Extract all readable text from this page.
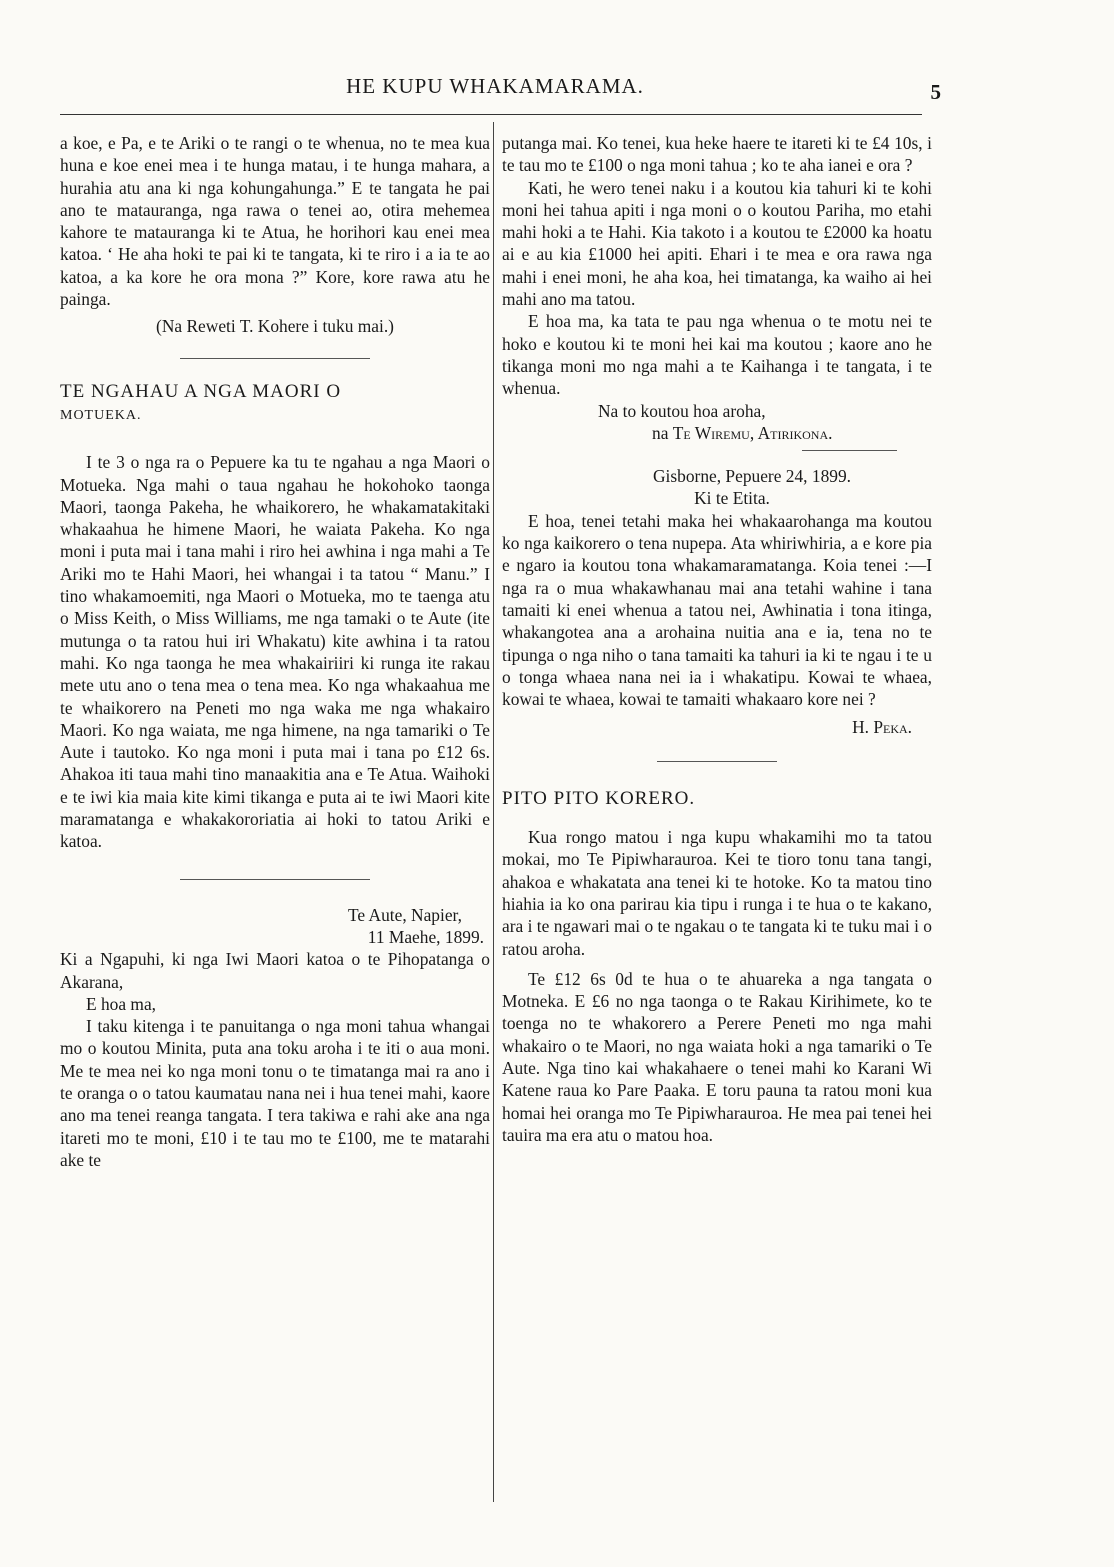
HE KUPU WHAKAMARAMA.	5

a koe, e Pa, e te Ariki o te rangi o te whenua, no te mea kua huna e koe enei mea i te hunga matau, i te hunga mahara, a hurahia atu ana ki nga kohungahunga.” E te tangata he pai ano te matauranga, nga rawa o tenei ao, otira mehemea kahore te matauranga ki te Atua, he horihori kau enei mea katoa. ‘ He aha hoki te pai ki te tangata, ki te riro i a ia te ao katoa, a ka kore he ora mona ?” Kore, kore rawa atu he painga.

(Na Reweti T. Kohere i tuku mai.)

TE NGAHAU A NGA MAORI O

MOTUEKA.

I te 3 o nga ra o Pepuere ka tu te ngahau a nga Maori o Motueka. Nga mahi o taua ngahau he hokohoko taonga Maori, taonga Pakeha, he whaikorero, he whakamatakitaki whakaahua he himene Maori, he waiata Pakeha. Ko nga moni i puta mai i tana mahi i riro hei awhina i nga mahi a Te Ariki mo te Hahi Maori, hei whangai i ta tatou “ Manu.” I tino whakamoemiti, nga Maori o Motueka, mo te taenga atu o Miss Keith, o Miss Williams, me nga tamaki o te Aute (ite mutunga o ta ratou hui iri Whakatu) kite awhina i ta ratou mahi. Ko nga taonga he mea whakairiiri ki runga ite rakau mete utu ano o tena mea o tena mea. Ko nga whakaahua me te whaikorero na Peneti mo nga waka me nga whakairo Maori. Ko nga waiata, me nga himene, na nga tamariki o Te Aute i tautoko. Ko nga moni i puta mai i tana po £12 6s. Ahakoa iti taua mahi tino manaakitia ana e Te Atua. Waihoki e te iwi kia maia kite kimi tikanga e puta ai te iwi Maori kite maramatanga e whakakororiatia ai hoki to tatou Ariki e katoa.

Te Aute, Napier,

11 Maehe, 1899.

Ki a Ngapuhi, ki nga Iwi Maori katoa o te Pihopatanga o Akarana,

E hoa ma,

I taku kitenga i te panuitanga o nga moni tahua whangai mo o koutou Minita, puta ana toku aroha i te iti o aua moni. Me te mea nei ko nga moni tonu o te timatanga mai ra ano i te oranga o o tatou kaumatau nana nei i hua tenei mahi, kaore ano ma tenei reanga tangata. I tera takiwa e rahi ake ana nga itareti mo te moni, £10 i te tau mo te £100, me te matarahi ake te

putanga mai. Ko tenei, kua heke haere te itareti ki te £4 10s, i te tau mo te £100 o nga moni tahua ; ko te aha ianei e ora ?

Kati, he wero tenei naku i a koutou kia tahuri ki te kohi moni hei tahua apiti i nga moni o o koutou Pariha, mo etahi mahi hoki a te Hahi. Kia takoto i a koutou te £2000 ka hoatu ai e au kia £1000 hei apiti. Ehari i te mea e ora rawa nga mahi i enei moni, he aha koa, hei timatanga, ka waiho ai hei mahi ano ma tatou.

E hoa ma, ka tata te pau nga whenua o te motu nei te hoko e koutou ki te moni hei kai ma koutou ; kaore ano he tikanga moni mo nga mahi a te Kaihanga i te tangata, i te whenua.

Na to koutou hoa aroha,

na Te Wiremu, Atirikona.

Gisborne, Pepuere 24, 1899.

Ki te Etita.

E hoa, tenei tetahi maka hei whakaarohanga ma koutou ko nga kaikorero o tena nupepa. Ata whiriwhiria, a e kore pia e ngaro ia koutou tona whakamaramatanga. Koia tenei :—I nga ra o mua whakawhanau mai ana tetahi wahine i tana tamaiti ki enei whenua a tatou nei, Awhinatia i tona itinga, whakangotea ana a arohaina nuitia ana e ia, tena no te tipunga o nga niho o tana tamaiti ka tahuri ia ki te ngau i te u o tonga whaea nana nei ia i whakatipu. Kowai te whaea, kowai te whaea, kowai te tamaiti whakaaro kore nei ?

H. Peka.

PITO PITO KORERO.

Kua rongo matou i nga kupu whakamihi mo ta tatou mokai, mo Te Pipiwharauroa. Kei te tioro tonu tana tangi, ahakoa e whakatata ana tenei ki te hotoke. Ko ta matou tino hiahia ia ko ona parirau kia tipu i runga i te hua o te kakano, ara i te ngawari mai o te ngakau o te tangata ki te tuku mai i o ratou aroha.

Te £12 6s 0d te hua o te ahuareka a nga tangata o Motneka. E £6 no nga taonga o te Rakau Kirihimete, ko te toenga no te whakorero a Perere Peneti mo nga mahi whakairo o te Maori, no nga waiata hoki a nga tamariki o Te Aute. Nga tino kai whakahaere o tenei mahi ko Karani Wi Katene raua ko Pare Paaka. E toru pauna ta ratou moni kua homai hei oranga mo Te Pipiwharauroa. He mea pai tenei hei tauira ma era atu o matou hoa.
